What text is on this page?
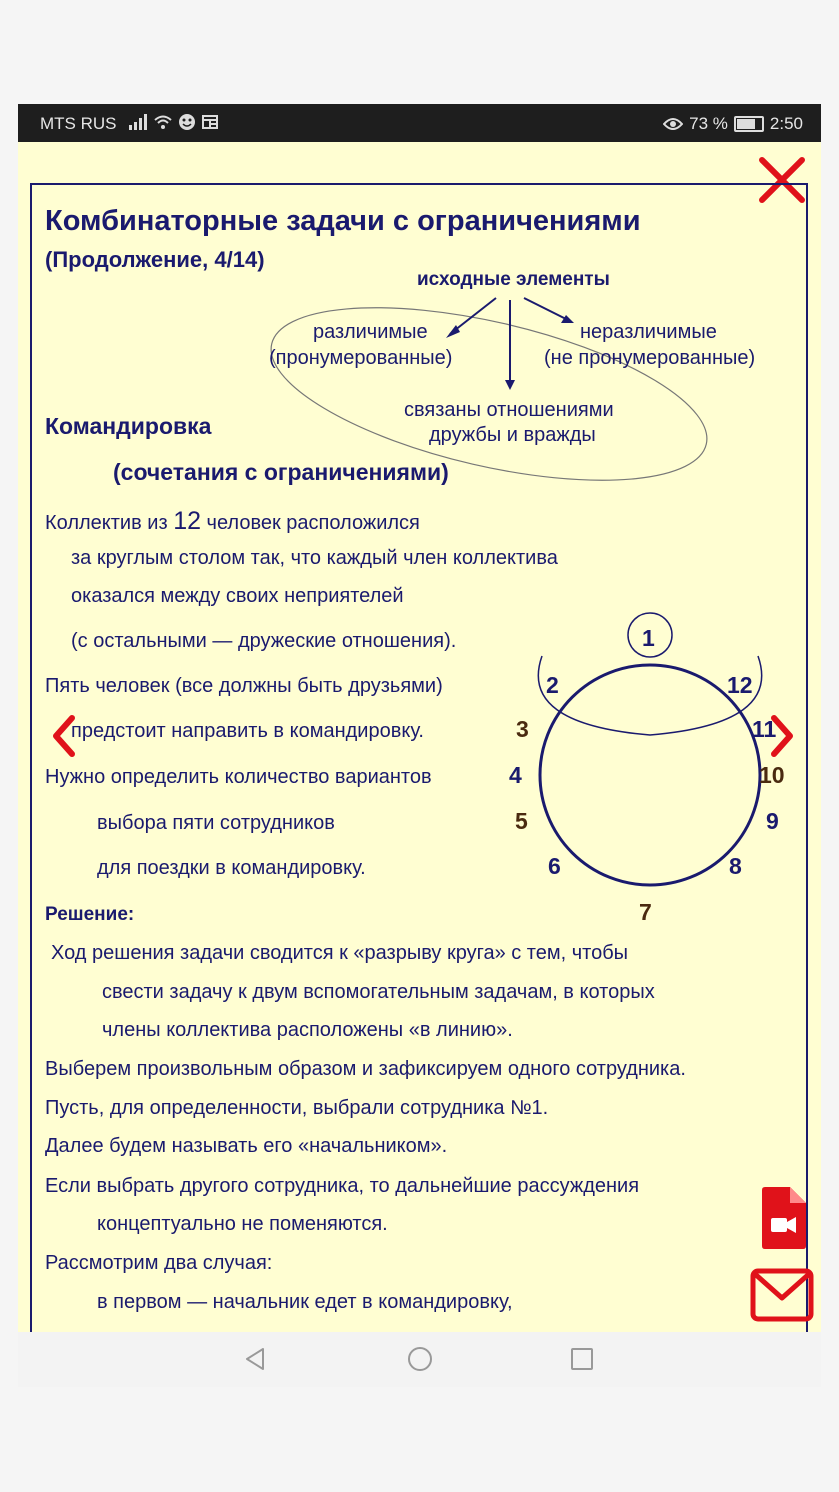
MTS RUS	73 % 2:50
Комбинаторные задачи с ограничениями
(Продолжение, 4/14)
исходные элементы
различимые
(пронумерованные)
неразличимые
(не пронумерованные)
связаны отношениями
дружбы и вражды
Командировка
(сочетания с ограничениями)
Коллектив из 12 человек расположился
за круглым столом так, что каждый член коллектива
оказался между своих неприятелей
(с остальными — дружеские отношения).
Пять человек (все должны быть друзьями)
предстоит направить в командировку.
Нужно определить количество вариантов
выбора пяти сотрудников
для поездки в командировку.
1
2
3
4
5
6
7
8
9
10
11
12
Решение:
Ход решения задачи сводится к «разрыву круга» с тем, чтобы
свести задачу к двум вспомогательным задачам, в которых
члены коллектива расположены «в линию».
Выберем произвольным образом и зафиксируем одного сотрудника.
Пусть, для определенности, выбрали сотрудника №1.
Далее будем называть его «начальником».
Если выбрать другого сотрудника, то дальнейшие рассуждения
концептуально не поменяются.
Рассмотрим два случая:
в первом — начальник едет в командировку,
